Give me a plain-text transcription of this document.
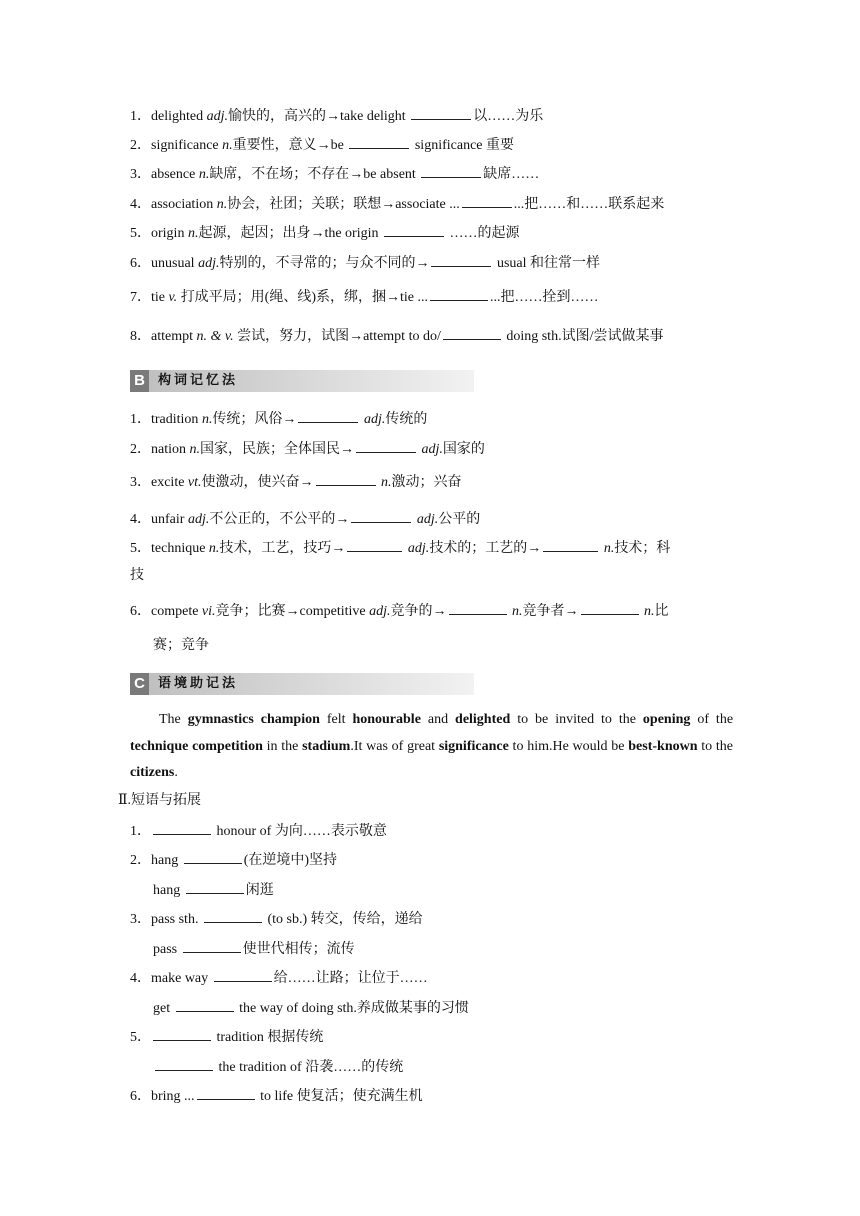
1．delighted adj.愉快的，高兴的→take delight	以……为乐
2．significance n.重要性，意义→be	significance 重要
3．absence n.缺席，不在场；不存在→be absent	缺席……
4．association n.协会，社团；关联；联想→associate ...	...把……和……联系起来
5．origin n.起源，起因；出身→the origin	……的起源
6．unusual adj.特别的，不寻常的；与众不同的→	usual 和往常一样
7．tie v. 打成平局；用(绳、线)系，绑，捆→tie ...	...把……拴到……
8．attempt n. & v. 尝试，努力，试图→attempt to do/	doing sth.试图/尝试做某事
B	构词记忆法
1．tradition n.传统；风俗→	adj.传统的
2．nation n.国家，民族；全体国民→	adj.国家的
3．excite vt.使激动，使兴奋→	n.激动；兴奋
4．unfair adj.不公正的，不公平的→	adj.公平的
5．technique n.技术，工艺，技巧→	adj.技术的；工艺的→	n.技术；科
技
6．compete vi.竞争；比赛→competitive adj.竞争的→	n.竞争者→	n.比
赛；竞争
C	语境助记法
The gymnastics champion felt honourable and delighted to be invited to the opening of the technique competition in the stadium.It was of great significance to him.He would be best-known to the citizens.
Ⅱ.短语与拓展
1．	honour of 为向……表示敬意
2．hang	(在逆境中)坚持
hang	闲逛
3．pass sth.	(to sb.) 转交，传给，递给
pass	使世代相传；流传
4．make way	给……让路；让位于……
get	the way of doing sth.养成做某事的习惯
5．	tradition 根据传统
the tradition of 沿袭……的传统
6．bring ...	to life 使复活；使充满生机
